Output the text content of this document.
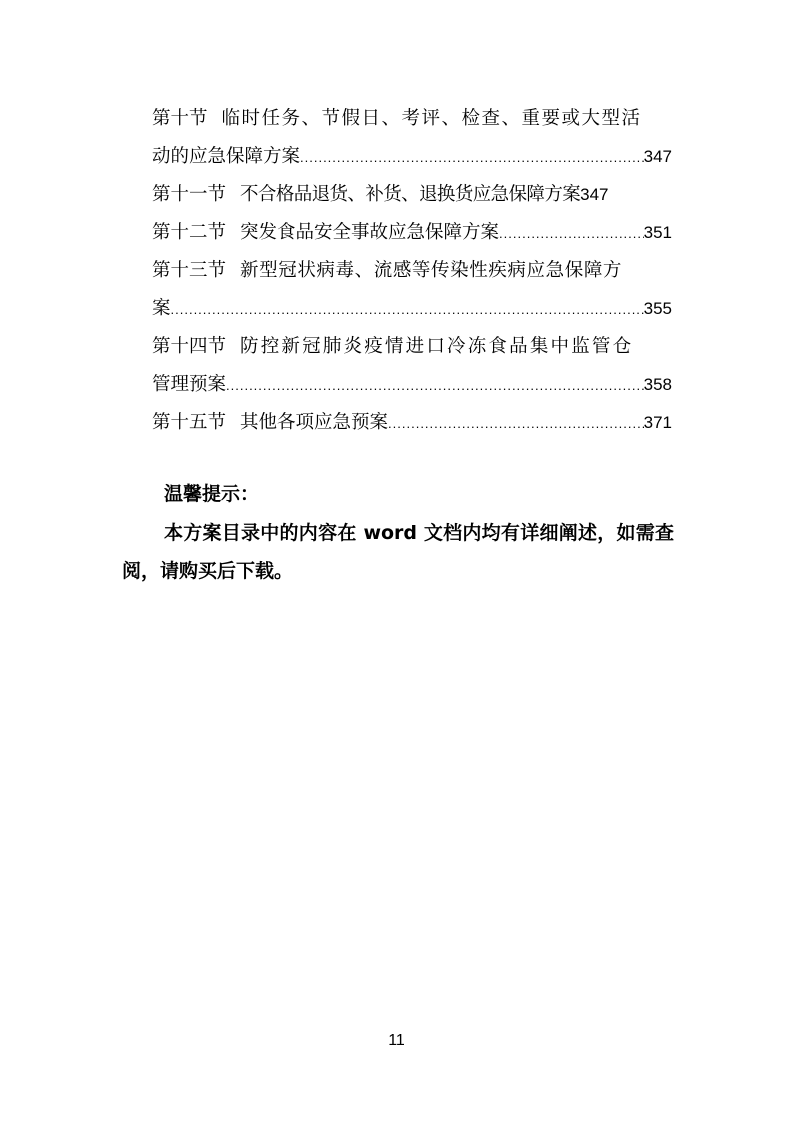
第十节 临时任务、节假日、考评、检查、重要或大型活
动的应急保障方案 .....	347
第十一节 不合格品退货、补货、退换货应急保障方案 347
第十二节 突发食品安全事故应急保障方案 .....	351
第十三节 新型冠状病毒、流感等传染性疾病应急保障方
案 .....	355
第十四节 防控新冠肺炎疫情进口冷冻食品集中监管仓
管理预案 .....	358
第十五节 其他各项应急预案 .....	371
温馨提示：

本方案目录中的内容在 word 文档内均有详细阐述，如需查阅，请购买后下载。

11
